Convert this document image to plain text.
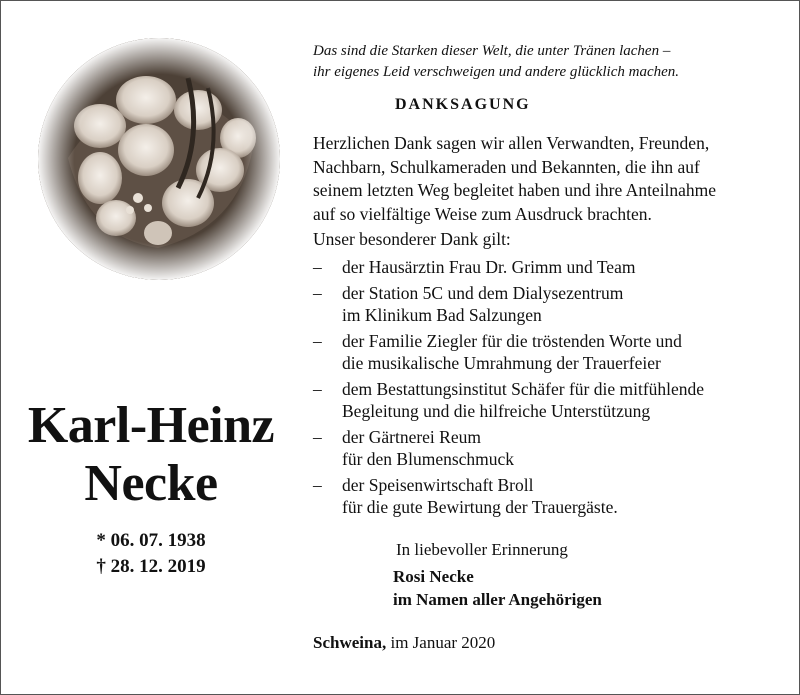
Karl-Heinz
Necke
* 06. 07. 1938
† 28. 12. 2019
Das sind die Starken dieser Welt, die unter Tränen lachen –
ihr eigenes Leid verschweigen und andere glücklich machen.
DANKSAGUNG
Herzlichen Dank sagen wir allen Verwandten, Freunden,
Nachbarn, Schulkameraden und Bekannten, die ihn auf
seinem letzten Weg begleitet haben und ihre Anteilnahme
auf so vielfältige Weise zum Ausdruck brachten.
Unser besonderer Dank gilt:
– der Hausärztin Frau Dr. Grimm und Team
– der Station 5C und dem Dialysezentrum
im Klinikum Bad Salzungen
– der Familie Ziegler für die tröstenden Worte und
die musikalische Umrahmung der Trauerfeier
– dem Bestattungsinstitut Schäfer für die mitfühlende
Begleitung und die hilfreiche Unterstützung
– der Gärtnerei Reum
für den Blumenschmuck
– der Speisenwirtschaft Broll
für die gute Bewirtung der Trauergäste.
In liebevoller Erinnerung
Rosi Necke
im Namen aller Angehörigen
Schweina, im Januar 2020
